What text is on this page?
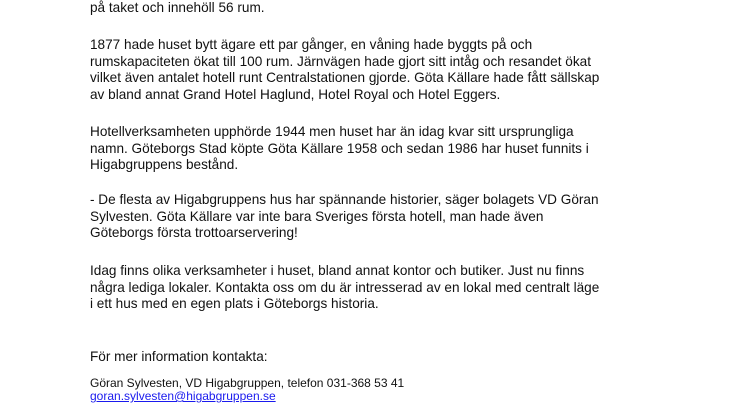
på taket och innehöll 56 rum.
1877 hade huset bytt ägare ett par gånger, en våning hade byggts på och
rumskapaciteten ökat till 100 rum. Järnvägen hade gjort sitt intåg och resandet ökat
vilket även antalet hotell runt Centralstationen gjorde. Göta Källare hade fått sällskap
av bland annat Grand Hotel Haglund, Hotel Royal och Hotel Eggers.
Hotellverksamheten upphörde 1944 men huset har än idag kvar sitt ursprungliga
namn. Göteborgs Stad köpte Göta Källare 1958 och sedan 1986 har huset funnits i
Higabgruppens bestånd.
- De flesta av Higabgruppens hus har spännande historier, säger bolagets VD Göran
Sylvesten. Göta Källare var inte bara Sveriges första hotell, man hade även
Göteborgs första trottoarservering!
Idag finns olika verksamheter i huset, bland annat kontor och butiker. Just nu finns
några lediga lokaler. Kontakta oss om du är intresserad av en lokal med centralt läge
i ett hus med en egen plats i Göteborgs historia.
För mer information kontakta:
Göran Sylvesten, VD Higabgruppen, telefon 031-368 53 41
goran.sylvesten@higabgruppen.se
